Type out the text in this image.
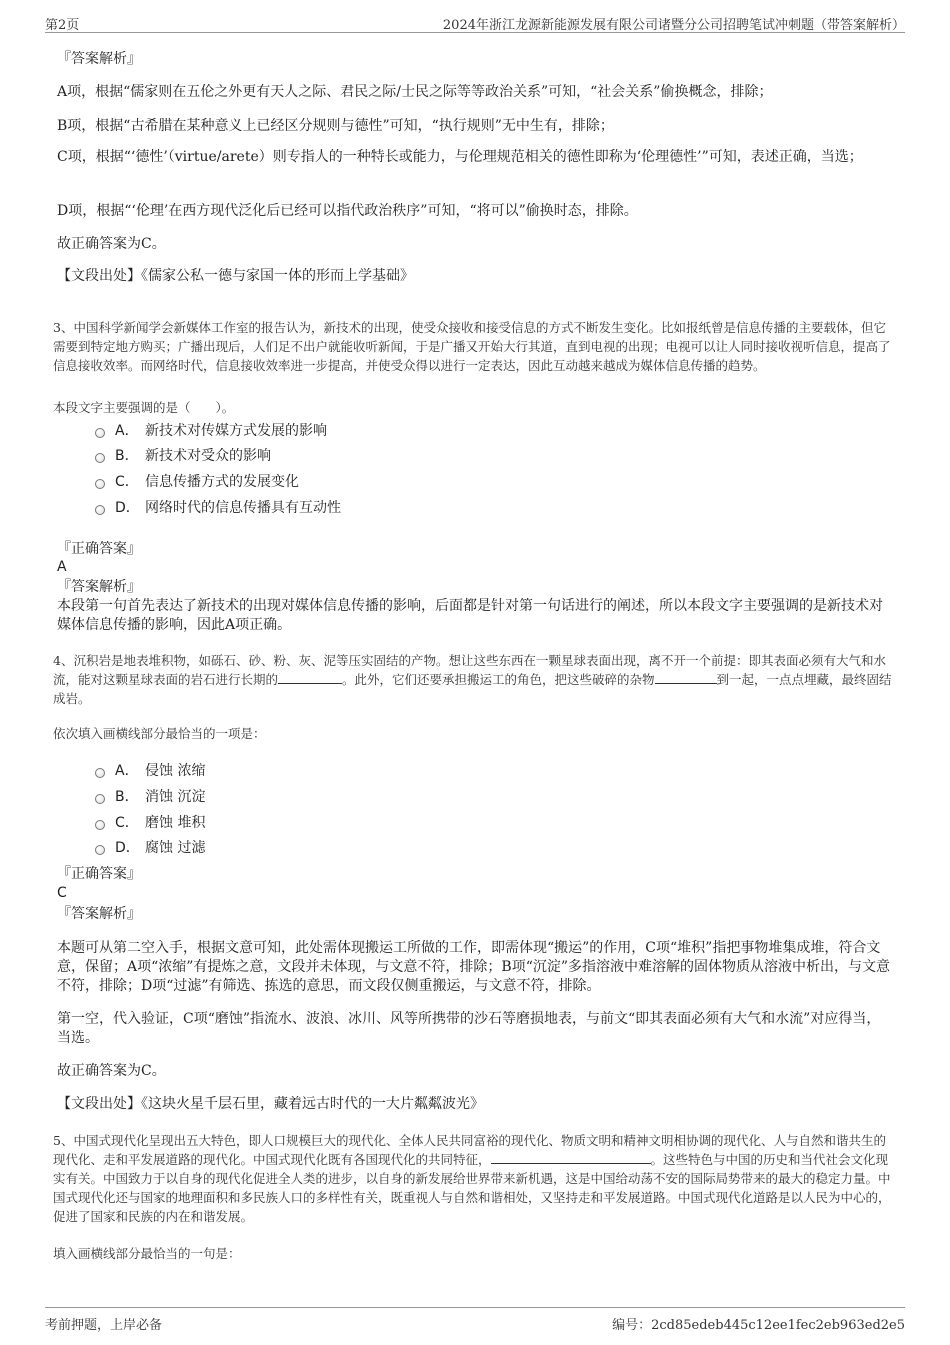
第2页	2024年浙江龙源新能源发展有限公司诸暨分公司招聘笔试冲刺题（带答案解析）
『答案解析』
A项，根据“儒家则在五伦之外更有天人之际、君民之际/士民之际等等政治关系”可知，“社会关系”偷换概念，排除；
B项，根据“古希腊在某种意义上已经区分规则与德性”可知，“执行规则”无中生有，排除；
C项，根据“‘德性’（virtue/arete）则专指人的一种特长或能力，与伦理规范相关的德性即称为‘伦理德性’”可知，表述正确，当选；
D项，根据“‘伦理’在西方现代泛化后已经可以指代政治秩序”可知，“将可以”偷换时态，排除。
故正确答案为C。
【文段出处】《儒家公私一德与家国一体的形而上学基础》
3、中国科学新闻学会新媒体工作室的报告认为，新技术的出现，使受众接收和接受信息的方式不断发生变化。比如报纸曾是信息传播的主要载体，但它需要到特定地方购买；广播出现后，人们足不出户就能收听新闻，于是广播又开始大行其道，直到电视的出现；电视可以让人同时接收视听信息，提高了信息接收效率。而网络时代，信息接收效率进一步提高，并使受众得以进行一定表达，因此互动越来越成为媒体信息传播的趋势。
本段文字主要强调的是（　　）。
A． 新技术对传媒方式发展的影响
B． 新技术对受众的影响
C． 信息传播方式的发展变化
D． 网络时代的信息传播具有互动性
『正确答案』
A
『答案解析』
本段第一句首先表达了新技术的出现对媒体信息传播的影响，后面都是针对第一句话进行的阐述，所以本段文字主要强调的是新技术对媒体信息传播的影响，因此A项正确。
4、沉积岩是地表堆积物，如砾石、砂、粉、灰、泥等压实固结的产物。想让这些东西在一颗星球表面出现，离不开一个前提：即其表面必须有大气和水流，能对这颗星球表面的岩石进行长期的	。此外，它们还要承担搬运工的角色，把这些破碎的杂物	到一起，一点点埋藏，最终固结成岩。
依次填入画横线部分最恰当的一项是：
A． 侵蚀 浓缩
B． 消蚀 沉淀
C． 磨蚀 堆积
D． 腐蚀 过滤
『正确答案』
C
『答案解析』
本题可从第二空入手，根据文意可知，此处需体现搬运工所做的工作，即需体现“搬运”的作用，C项“堆积”指把事物堆集成堆，符合文意，保留；A项“浓缩”有提炼之意，文段并未体现，与文意不符，排除；B项“沉淀”多指溶液中难溶解的固体物质从溶液中析出，与文意不符，排除；D项“过滤”有筛选、拣选的意思，而文段仅侧重搬运，与文意不符，排除。
第一空，代入验证，C项“磨蚀”指流水、波浪、冰川、风等所携带的沙石等磨损地表，与前文“即其表面必须有大气和水流”对应得当，当选。
故正确答案为C。
【文段出处】《这块火星千层石里，藏着远古时代的一大片粼粼波光》
5、中国式现代化呈现出五大特色，即人口规模巨大的现代化、全体人民共同富裕的现代化、物质文明和精神文明相协调的现代化、人与自然和谐共生的现代化、走和平发展道路的现代化。中国式现代化既有各国现代化的共同特征，	。这些特色与中国的历史和当代社会文化现实有关。中国致力于以自身的现代化促进全人类的进步，以自身的新发展给世界带来新机遇，这是中国给动荡不安的国际局势带来的最大的稳定力量。中国式现代化还与国家的地理面积和多民族人口的多样性有关，既重视人与自然和谐相处，又坚持走和平发展道路。中国式现代化道路是以人民为中心的，促进了国家和民族的内在和谐发展。
填入画横线部分最恰当的一句是：
考前押题，上岸必备	编号：2cd85edeb445c12ee1fec2eb963ed2e5
